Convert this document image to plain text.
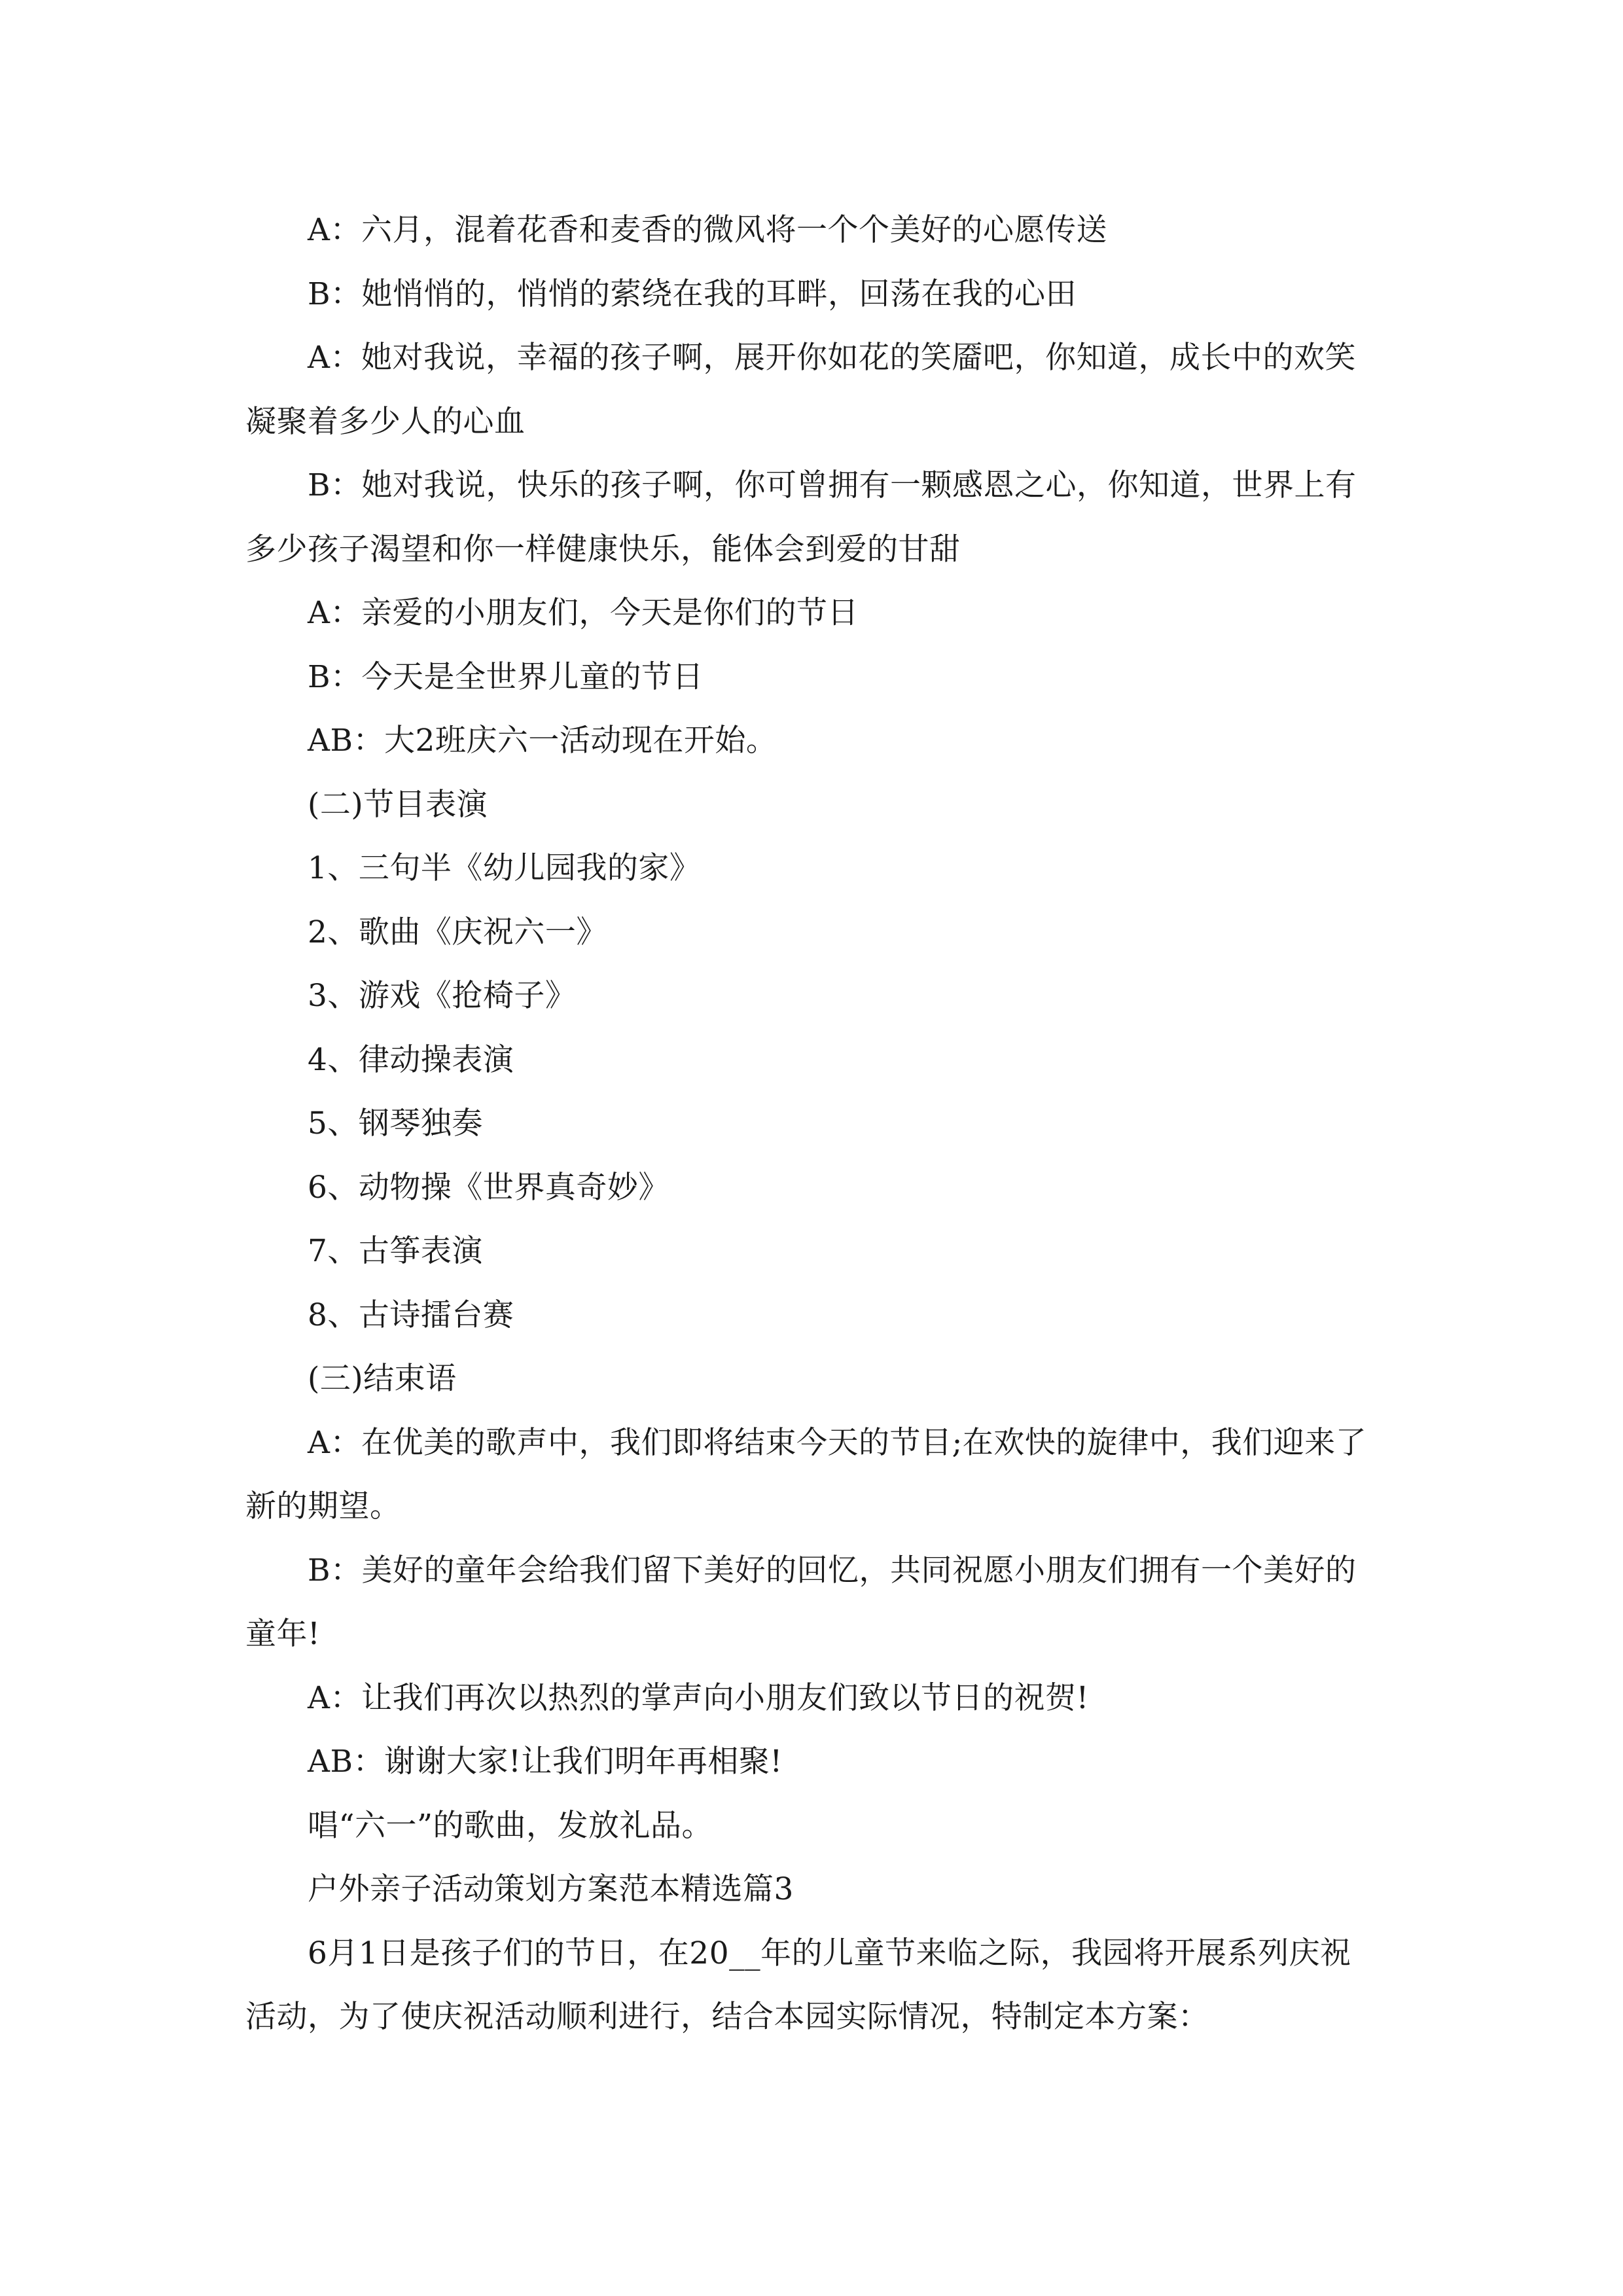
A：六月，混着花香和麦香的微风将一个个美好的心愿传送

B：她悄悄的，悄悄的萦绕在我的耳畔，回荡在我的心田

A：她对我说，幸福的孩子啊，展开你如花的笑靥吧，你知道，成长中的欢笑凝聚着多少人的心血

B：她对我说，快乐的孩子啊，你可曾拥有一颗感恩之心，你知道，世界上有多少孩子渴望和你一样健康快乐，能体会到爱的甘甜

A：亲爱的小朋友们，今天是你们的节日

B：今天是全世界儿童的节日

AB：大2班庆六一活动现在开始。

(二)节目表演

1、三句半《幼儿园我的家》

2、歌曲《庆祝六一》

3、游戏《抢椅子》

4、律动操表演

5、钢琴独奏

6、动物操《世界真奇妙》

7、古筝表演

8、古诗擂台赛

(三)结束语

A：在优美的歌声中，我们即将结束今天的节目;在欢快的旋律中，我们迎来了新的期望。

B：美好的童年会给我们留下美好的回忆，共同祝愿小朋友们拥有一个美好的童年!

A：让我们再次以热烈的掌声向小朋友们致以节日的祝贺!

AB：谢谢大家!让我们明年再相聚!

唱“六一”的歌曲，发放礼品。

户外亲子活动策划方案范本精选篇3

6月1日是孩子们的节日，在20__年的儿童节来临之际，我园将开展系列庆祝活动，为了使庆祝活动顺利进行，结合本园实际情况，特制定本方案：
